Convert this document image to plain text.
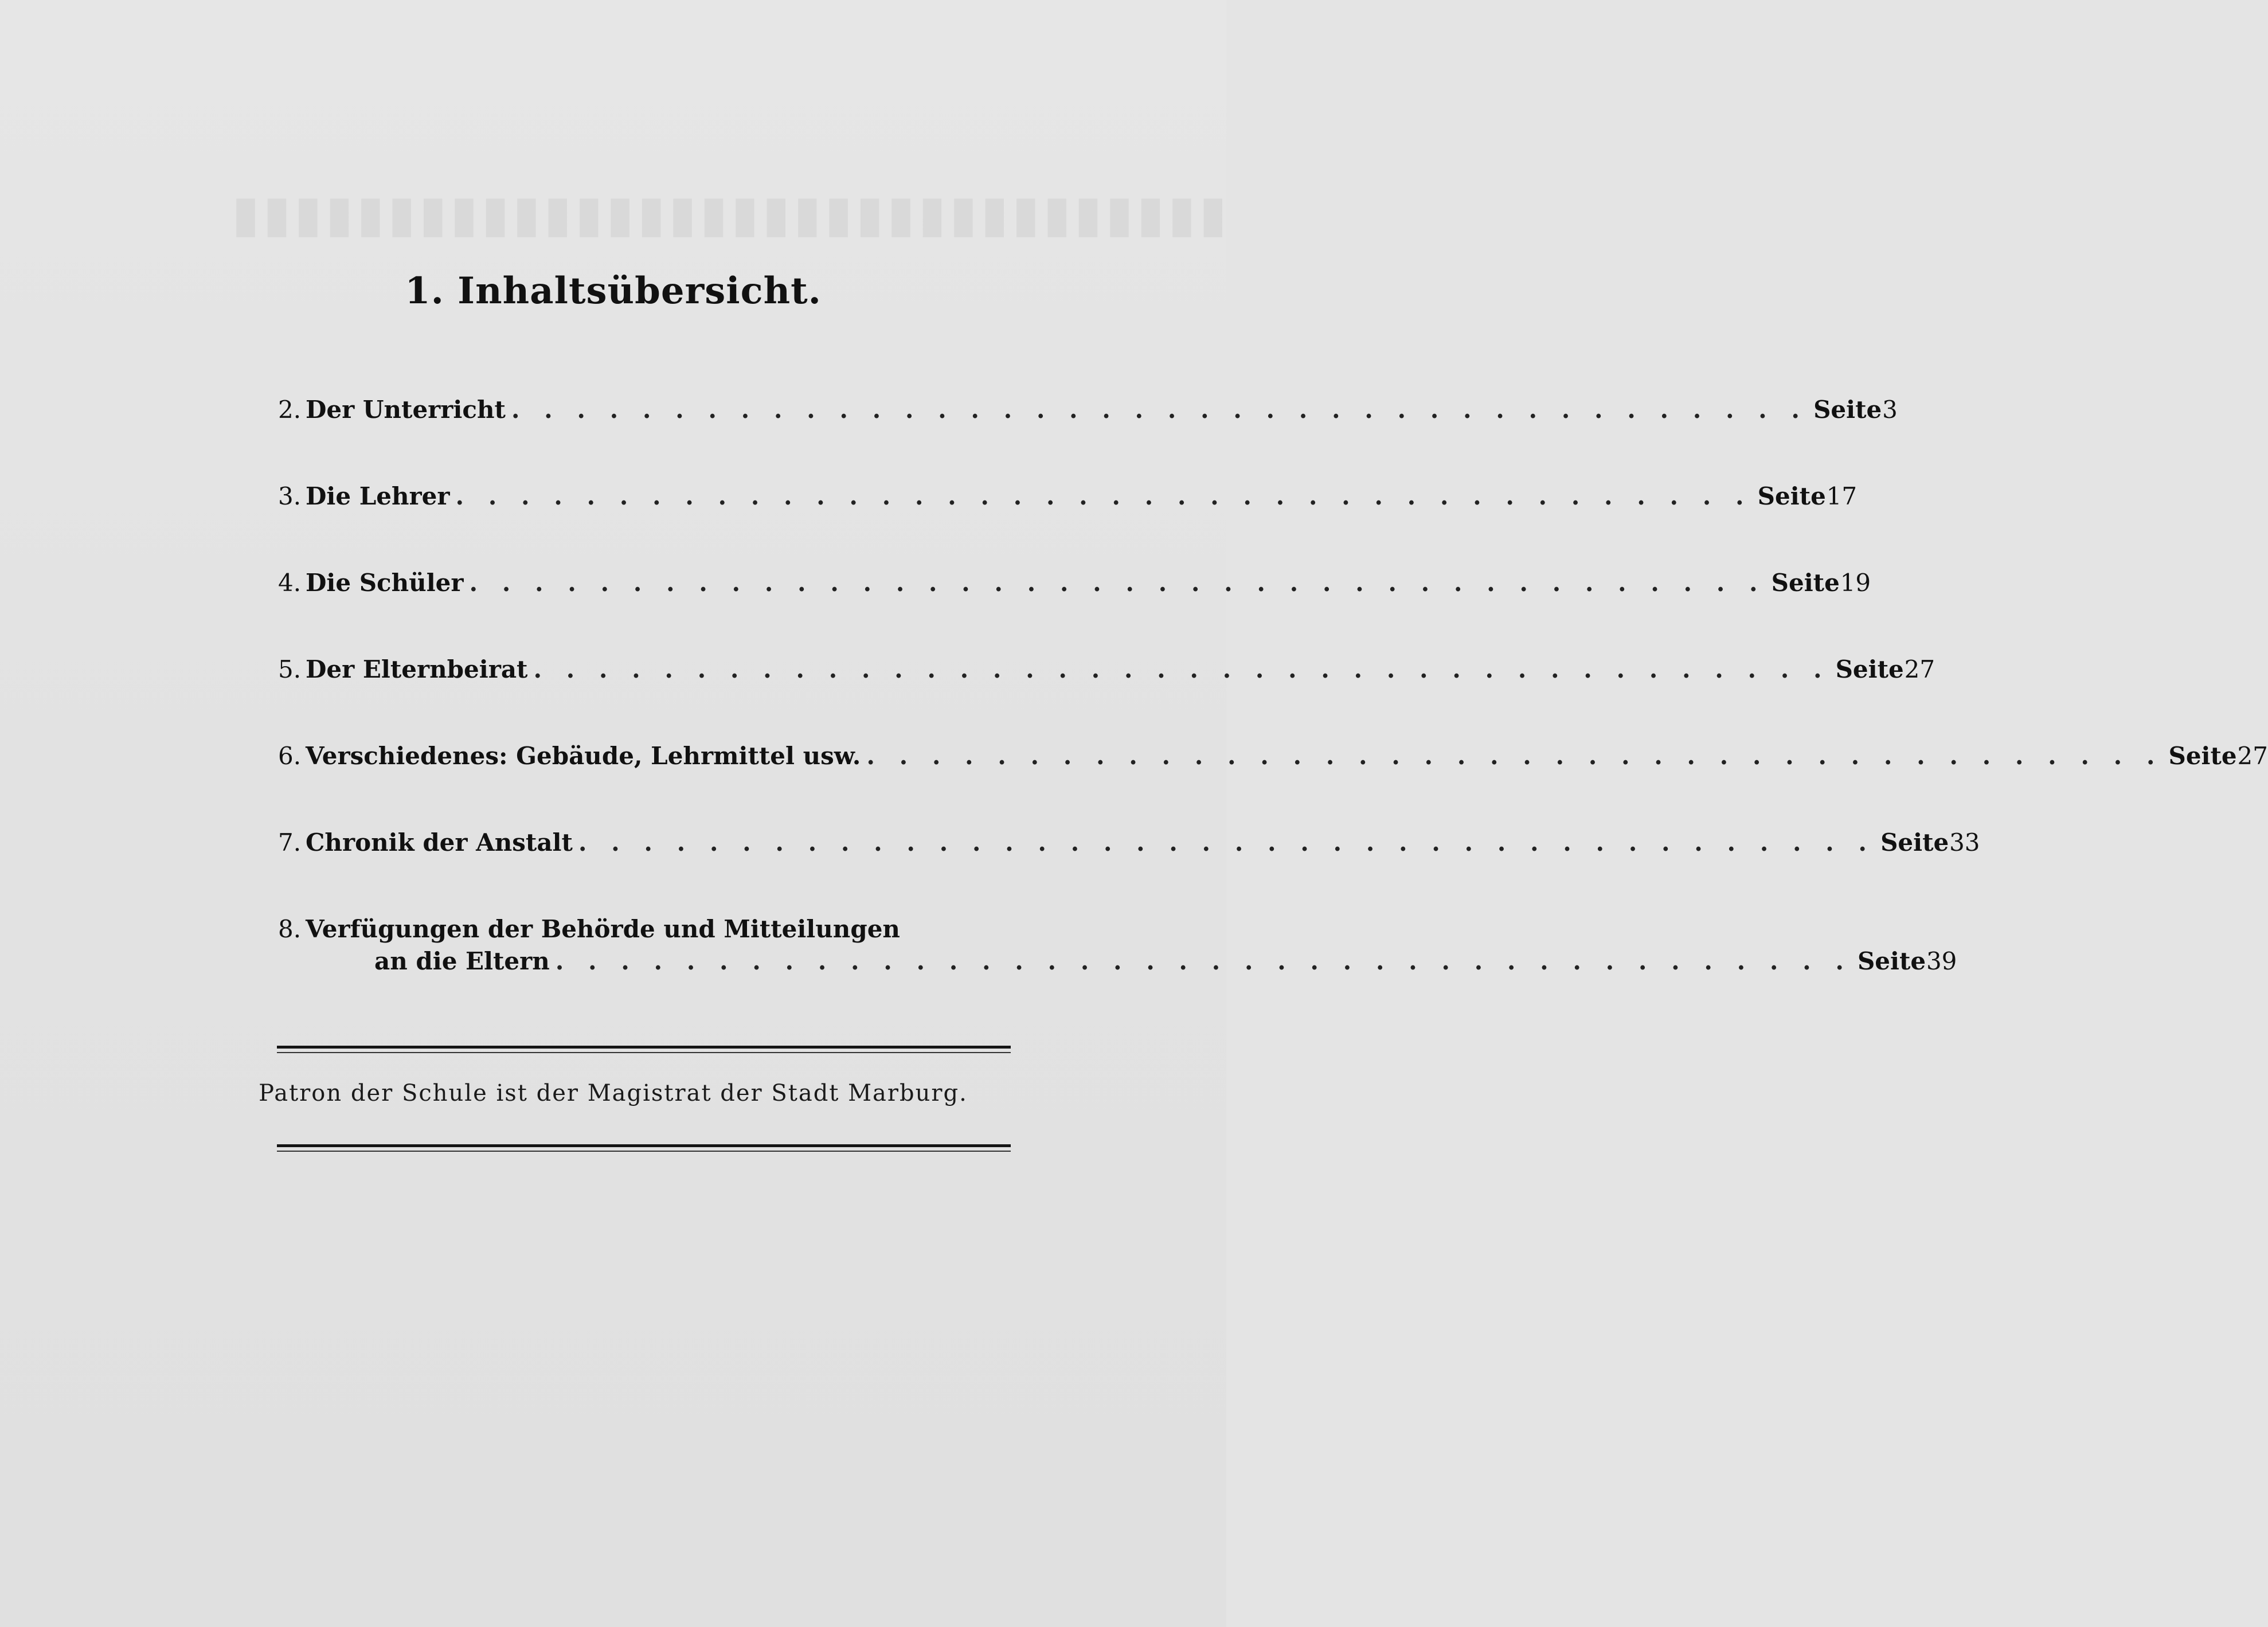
▮▮▮▮▮▮▮▮▮▮▮▮▮▮▮▮▮▮▮▮▮▮▮▮▮▮▮▮▮▮▮▮
1. Inhaltsübersicht.
2. Der Unterricht . . . . . . . . . . . . . . . . . . . . . . . . . . . . . . . . . . . . . . . . Seite 3
3. Die Lehrer . . . . . . . . . . . . . . . . . . . . . . . . . . . . . . . . . . . . . . . . Seite 17
4. Die Schüler . . . . . . . . . . . . . . . . . . . . . . . . . . . . . . . . . . . . . . . . Seite 19
5. Der Elternbeirat . . . . . . . . . . . . . . . . . . . . . . . . . . . . . . . . . . . . . . . . Seite 27
6. Verschiedenes: Gebäude, Lehrmittel usw. . . . . . . . . . . . . . . . . . . . . . . . . . . . . . . . . . . . . . . . . Seite 27
7. Chronik der Anstalt . . . . . . . . . . . . . . . . . . . . . . . . . . . . . . . . . . . . . . . . Seite 33
8. Verfügungen der Behörde und Mitteilungen
an die Eltern . . . . . . . . . . . . . . . . . . . . . . . . . . . . . . . . . . . . . . . . Seite 39
Patron der Schule ist der Magistrat der Stadt Marburg.
